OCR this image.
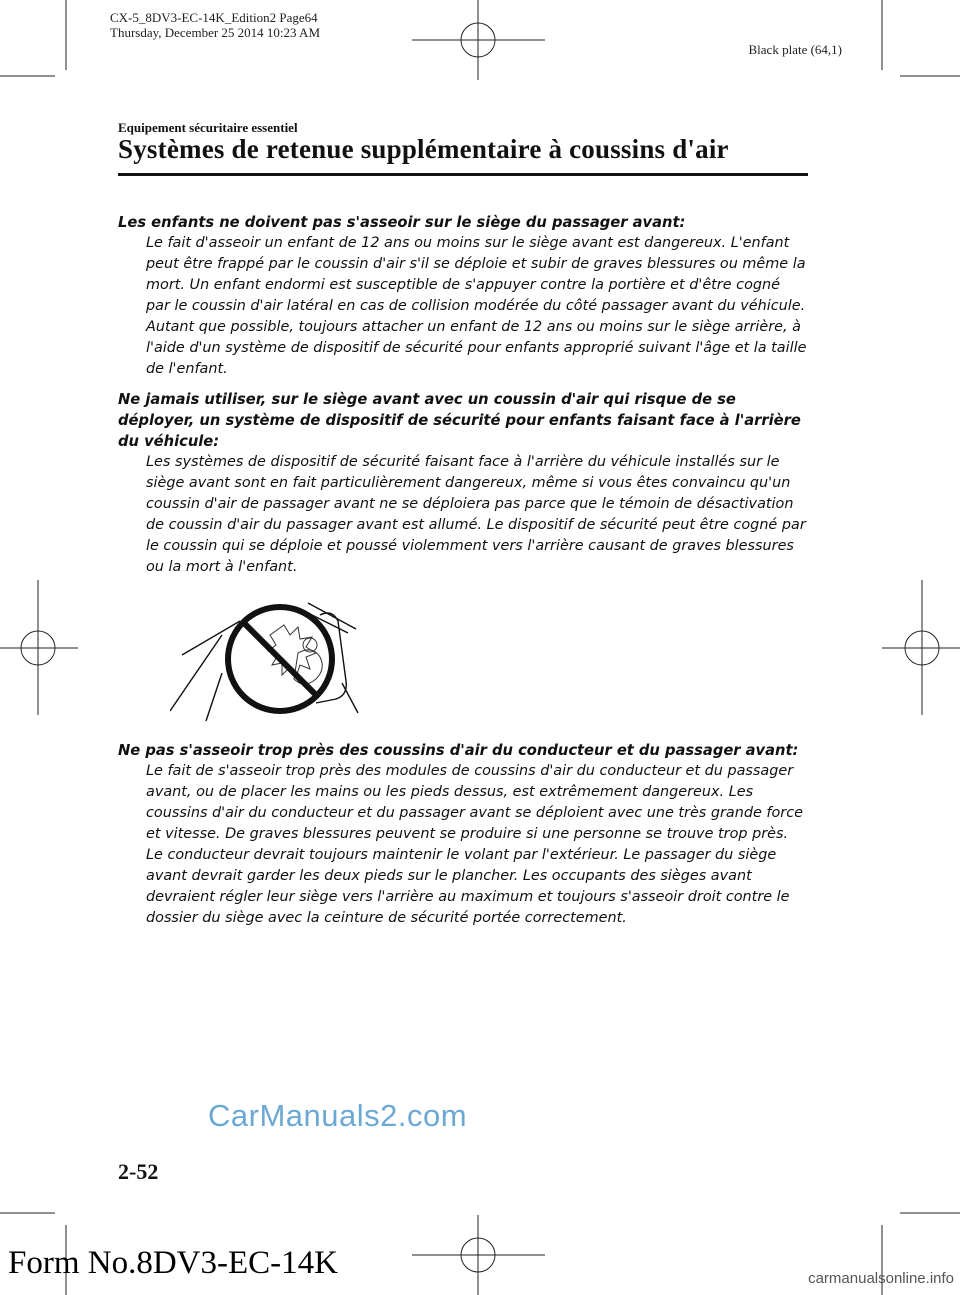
CX-5_8DV3-EC-14K_Edition2 Page64
Thursday, December 25 2014 10:23 AM
Black plate (64,1)
Equipement sécuritaire essentiel
Systèmes de retenue supplémentaire à coussins d'air
Les enfants ne doivent pas s'asseoir sur le siège du passager avant:
Le fait d'asseoir un enfant de 12 ans ou moins sur le siège avant est dangereux. L'enfant peut être frappé par le coussin d'air s'il se déploie et subir de graves blessures ou même la mort. Un enfant endormi est susceptible de s'appuyer contre la portière et d'être cogné par le coussin d'air latéral en cas de collision modérée du côté passager avant du véhicule. Autant que possible, toujours attacher un enfant de 12 ans ou moins sur le siège arrière, à l'aide d'un système de dispositif de sécurité pour enfants approprié suivant l'âge et la taille de l'enfant.
Ne jamais utiliser, sur le siège avant avec un coussin d'air qui risque de se déployer, un système de dispositif de sécurité pour enfants faisant face à l'arrière du véhicule:
Les systèmes de dispositif de sécurité faisant face à l'arrière du véhicule installés sur le siège avant sont en fait particulièrement dangereux, même si vous êtes convaincu qu'un coussin d'air de passager avant ne se déploiera pas parce que le témoin de désactivation de coussin d'air du passager avant est allumé. Le dispositif de sécurité peut être cogné par le coussin qui se déploie et poussé violemment vers l'arrière causant de graves blessures ou la mort à l'enfant.
Ne pas s'asseoir trop près des coussins d'air du conducteur et du passager avant:
Le fait de s'asseoir trop près des modules de coussins d'air du conducteur et du passager avant, ou de placer les mains ou les pieds dessus, est extrêmement dangereux. Les coussins d'air du conducteur et du passager avant se déploient avec une très grande force et vitesse. De graves blessures peuvent se produire si une personne se trouve trop près. Le conducteur devrait toujours maintenir le volant par l'extérieur. Le passager du siège avant devrait garder les deux pieds sur le plancher. Les occupants des sièges avant devraient régler leur siège vers l'arrière au maximum et toujours s'asseoir droit contre le dossier du siège avec la ceinture de sécurité portée correctement.
CarManuals2.com
2-52
Form No.8DV3-EC-14K	carmanualsonline.info
